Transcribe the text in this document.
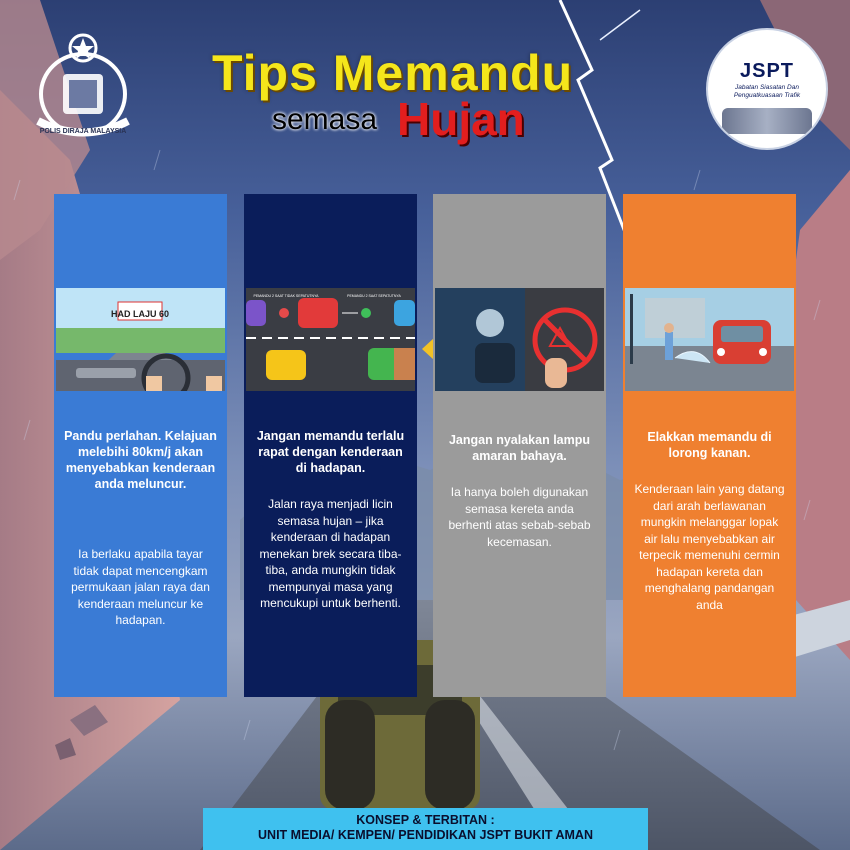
POLIS DIRAJA MALAYSIA
JSPT
Jabatan Siasatan Dan Penguatkuasaan Trafik
Tips Memandu
semasa Hujan
HAD LAJU 60
Pandu perlahan. Kelajuan melebihi 80km/j akan menyebabkan kenderaan anda meluncur.
Ia berlaku apabila tayar tidak dapat mencengkam permukaan jalan raya dan kenderaan meluncur ke hadapan.
PEMANDU 2 SAAT TIDAK SEPATUTNYA	PEMANDU 2 SAAT SEPATUTNYA
Jangan memandu terlalu rapat dengan kenderaan di hadapan.
Jalan raya menjadi licin semasa hujan – jika kenderaan di hadapan menekan brek secara tiba-tiba, anda mungkin tidak mempunyai masa yang mencukupi untuk berhenti.
Jangan nyalakan lampu amaran bahaya.
Ia hanya boleh digunakan semasa kereta anda berhenti atas sebab-sebab kecemasan.
Elakkan memandu di lorong kanan.
Kenderaan lain yang datang dari arah berlawanan mungkin melanggar lopak air lalu menyebabkan air terpecik memenuhi cermin hadapan kereta dan menghalang pandangan anda
KONSEP & TERBITAN :
UNIT MEDIA/ KEMPEN/ PENDIDIKAN JSPT BUKIT AMAN
